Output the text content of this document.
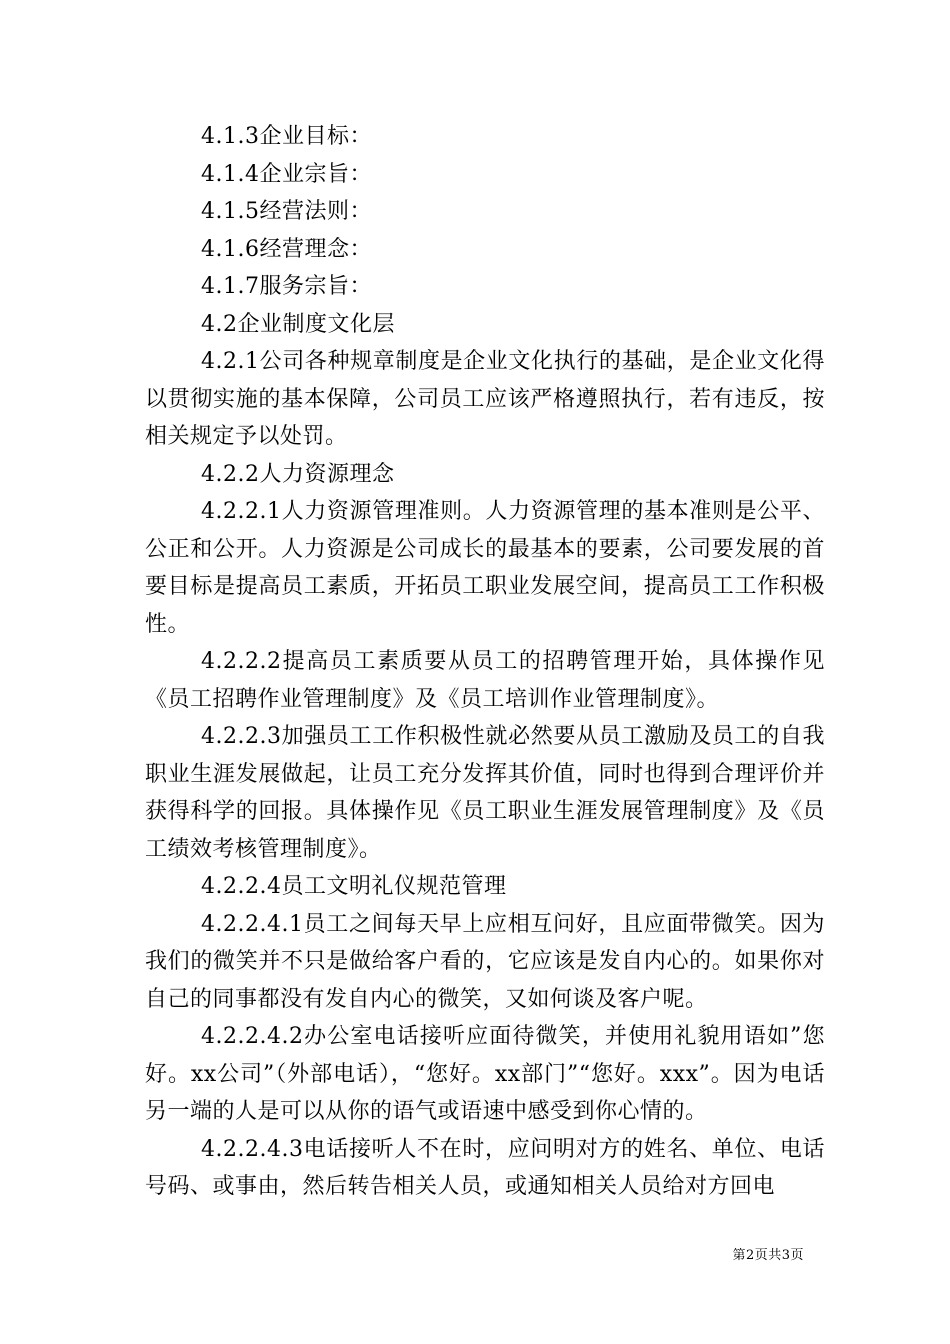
4.1.3企业目标：

4.1.4企业宗旨：

4.1.5经营法则：

4.1.6经营理念：

4.1.7服务宗旨：

4.2企业制度文化层

4.2.1公司各种规章制度是企业文化执行的基础，是企业文化得以贯彻实施的基本保障，公司员工应该严格遵照执行，若有违反，按相关规定予以处罚。

4.2.2人力资源理念

4.2.2.1人力资源管理准则。人力资源管理的基本准则是公平、公正和公开。人力资源是公司成长的最基本的要素，公司要发展的首要目标是提高员工素质，开拓员工职业发展空间，提高员工工作积极性。

4.2.2.2提高员工素质要从员工的招聘管理开始，具体操作见《员工招聘作业管理制度》及《员工培训作业管理制度》。

4.2.2.3加强员工工作积极性就必然要从员工激励及员工的自我职业生涯发展做起，让员工充分发挥其价值，同时也得到合理评价并获得科学的回报。具体操作见《员工职业生涯发展管理制度》及《员工绩效考核管理制度》。

4.2.2.4员工文明礼仪规范管理

4.2.2.4.1员工之间每天早上应相互问好，且应面带微笑。因为我们的微笑并不只是做给客户看的，它应该是发自内心的。如果你对自己的同事都没有发自内心的微笑，又如何谈及客户呢。

4.2.2.4.2办公室电话接听应面待微笑，并使用礼貌用语如”您好。xx公司”（外部电话），“您好。xx部门”“您好。xxx”。因为电话另一端的人是可以从你的语气或语速中感受到你心情的。

4.2.2.4.3电话接听人不在时，应问明对方的姓名、单位、电话号码、或事由，然后转告相关人员，或通知相关人员给对方回电

第2页共3页
